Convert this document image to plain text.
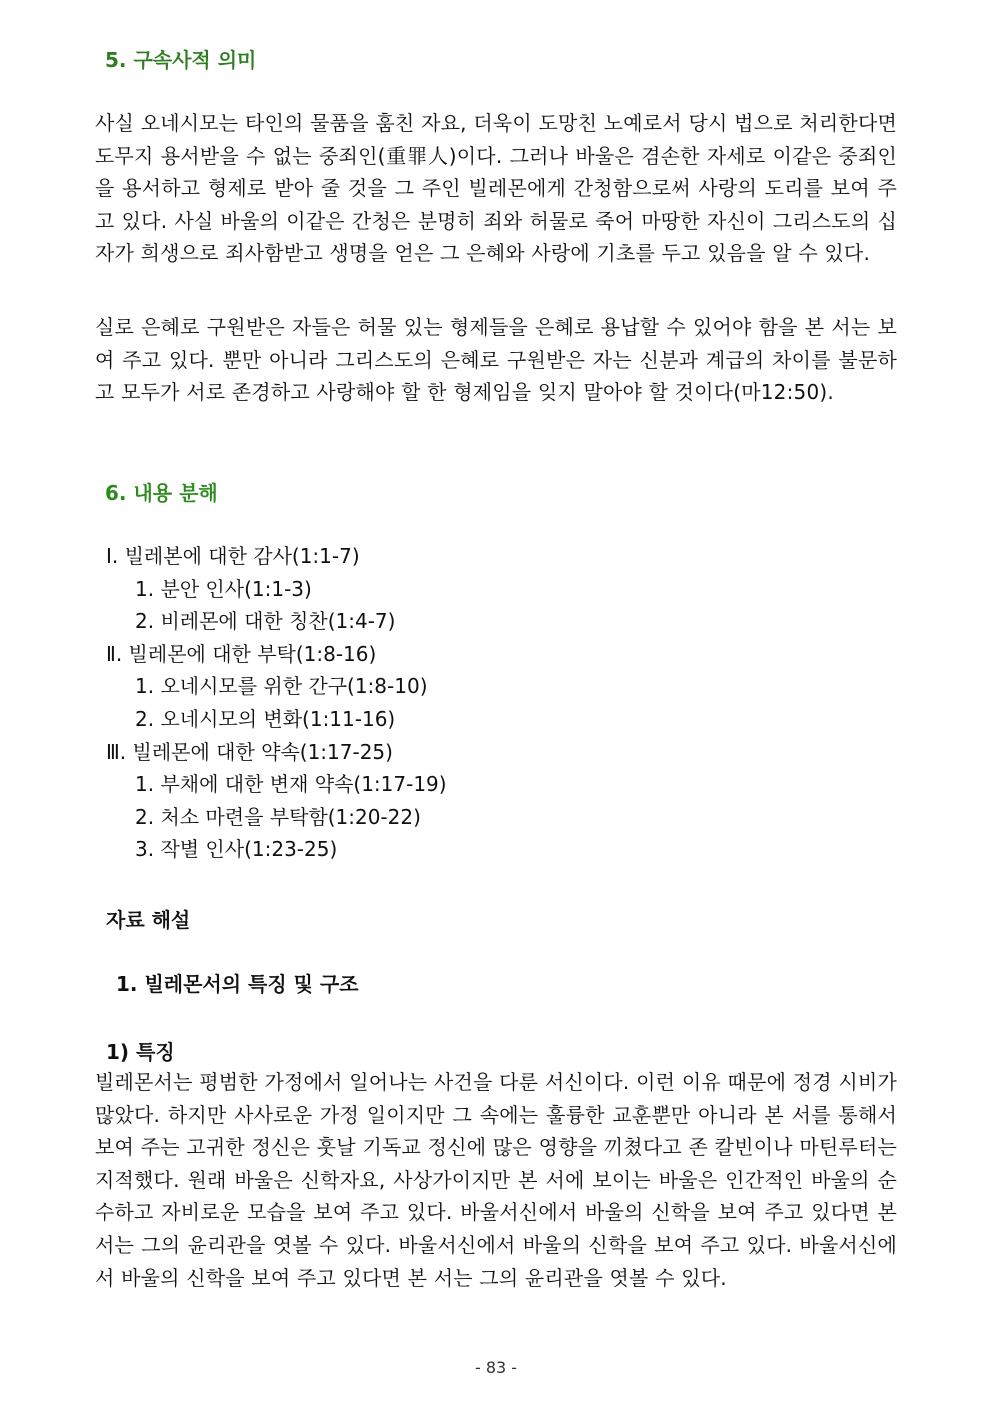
5. 구속사적 의미

사실 오네시모는 타인의 물품을 훔친 자요, 더욱이 도망친 노예로서 당시 법으로 처리한다면 도무지 용서받을 수 없는 중죄인(重罪人)이다. 그러나 바울은 겸손한 자세로 이같은 중죄인을 용서하고 형제로 받아 줄 것을 그 주인 빌레몬에게 간청함으로써 사랑의 도리를 보여 주고 있다. 사실 바울의 이같은 간청은 분명히 죄와 허물로 죽어 마땅한 자신이 그리스도의 십자가 희생으로 죄사함받고 생명을 얻은 그 은혜와 사랑에 기초를 두고 있음을 알 수 있다.

실로 은혜로 구원받은 자들은 허물 있는 형제들을 은혜로 용납할 수 있어야 함을 본 서는 보여 주고 있다. 뿐만 아니라 그리스도의 은혜로 구원받은 자는 신분과 계급의 차이를 불문하고 모두가 서로 존경하고 사랑해야 할 한 형제임을 잊지 말아야 할 것이다(마12:50).

6. 내용 분해
Ⅰ. 빌레본에 대한 감사(1:1-7)
1. 분안 인사(1:1-3)
2. 비레몬에 대한 칭찬(1:4-7)
Ⅱ. 빌레몬에 대한 부탁(1:8-16)
1. 오네시모를 위한 간구(1:8-10)
2. 오네시모의 변화(1:11-16)
Ⅲ. 빌레몬에 대한 약속(1:17-25)
1. 부채에 대한 변재 약속(1:17-19)
2. 처소 마련을 부탁함(1:20-22)
3. 작별 인사(1:23-25)
자료 해설
1. 빌레몬서의 특징 및 구조
1) 특징

빌레몬서는 평범한 가정에서 일어나는 사건을 다룬 서신이다. 이런 이유 때문에 정경 시비가 많았다. 하지만 사사로운 가정 일이지만 그 속에는 훌륭한 교훈뿐만 아니라 본 서를 통해서 보여 주는 고귀한 정신은 훗날 기독교 정신에 많은 영향을 끼쳤다고 존 칼빈이나 마틴루터는 지적했다. 원래 바울은 신학자요, 사상가이지만 본 서에 보이는 바울은 인간적인 바울의 순수하고 자비로운 모습을 보여 주고 있다. 바울서신에서 바울의 신학을 보여 주고 있다면 본 서는 그의 윤리관을 엿볼 수 있다. 바울서신에서 바울의 신학을 보여 주고 있다. 바울서신에서 바울의 신학을 보여 주고 있다면 본 서는 그의 윤리관을 엿볼 수 있다.

- 83 -
